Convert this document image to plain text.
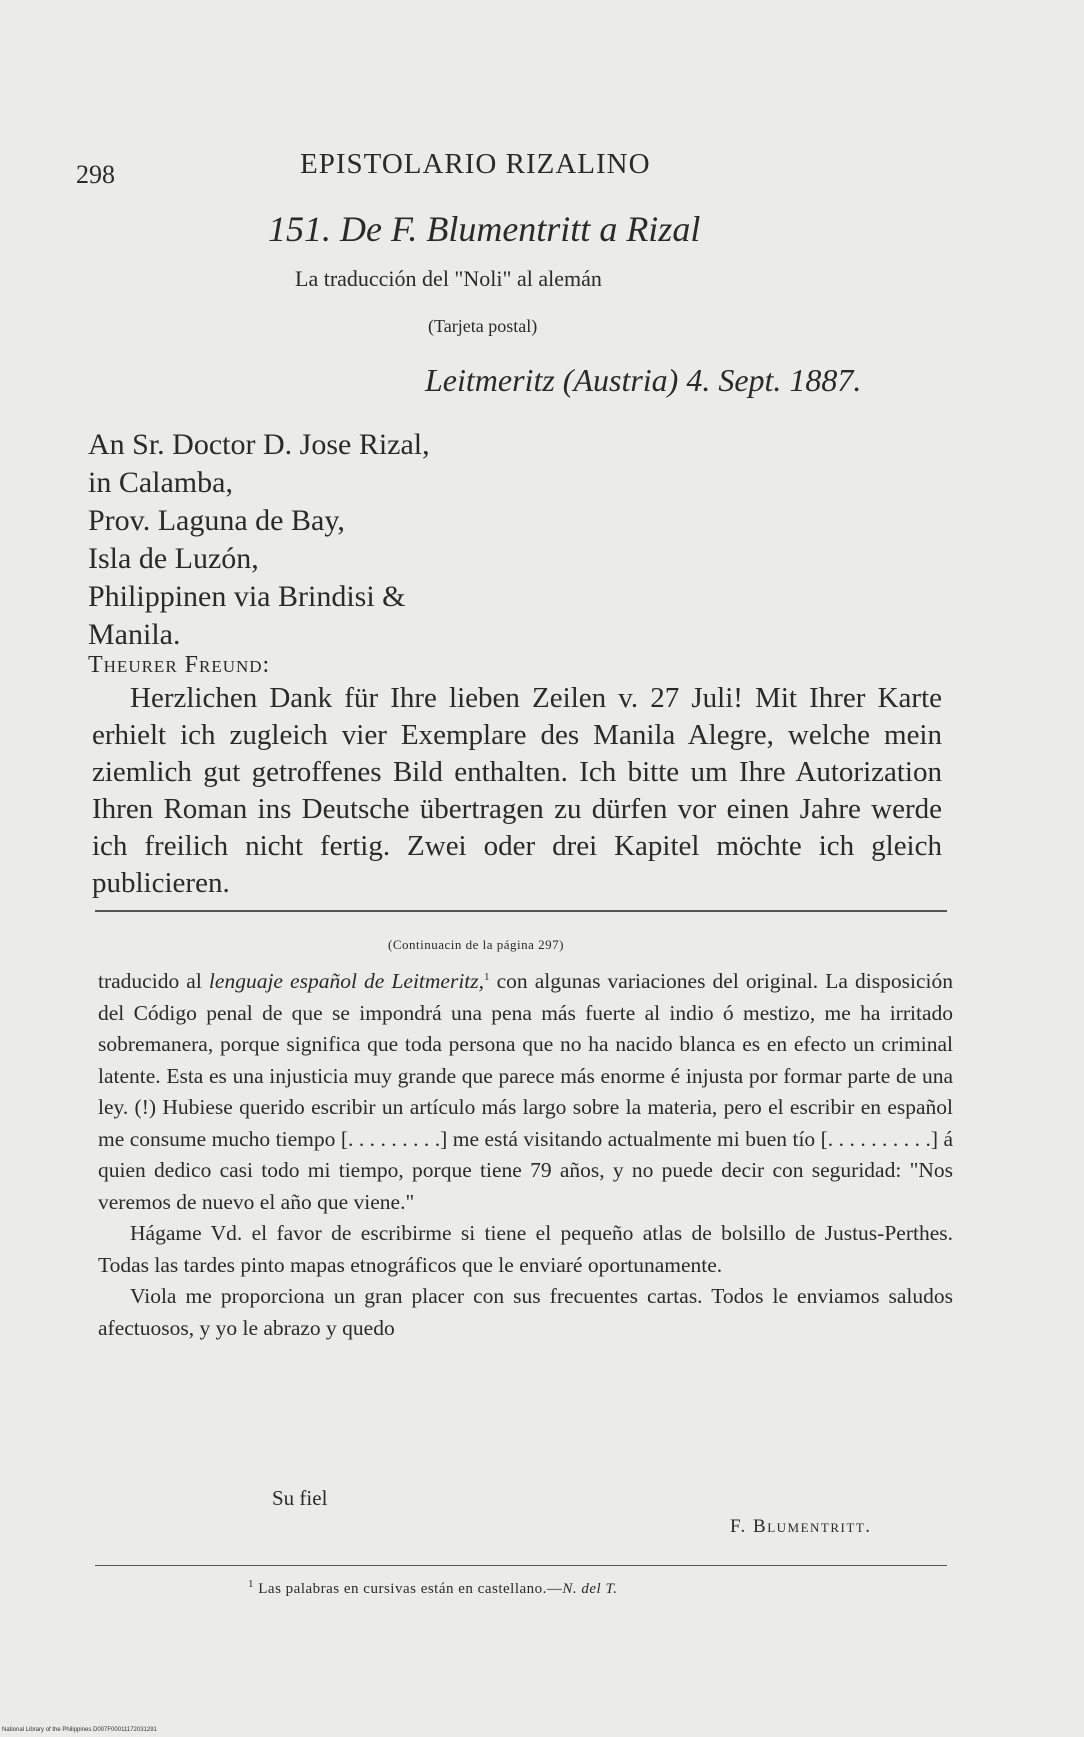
298	EPISTOLARIO RIZALINO
151. De F. Blumentritt a Rizal
La traducción del "Noli" al alemán
(Tarjeta postal)
Leitmeritz (Austria) 4. Sept. 1887.
An Sr. Doctor D. Jose Rizal,
in Calamba,
Prov. Laguna de Bay,
Isla de Luzón,
Philippinen via Brindisi &
Manila.
Theurer Freund:
Herzlichen Dank für Ihre lieben Zeilen v. 27 Juli! Mit Ihrer Karte erhielt ich zugleich vier Exemplare des Manila Alegre, welche mein ziemlich gut getroffenes Bild enthalten. Ich bitte um Ihre Autorization Ihren Roman ins Deutsche übertragen zu dürfen vor einen Jahre werde ich freilich nicht fertig. Zwei oder drei Kapitel möchte ich gleich publicieren.
(Continuacin de la página 297)

traducido al lenguaje español de Leitmeritz,$^1$ con algunas variaciones del original. La disposición del Código penal de que se impondrá una pena más fuerte al indio ó mestizo, me ha irritado sobremanera, porque significa que toda persona que no ha nacido blanca es en efecto un criminal latente. Esta es una injusticia muy grande que parece más enorme é injusta por formar parte de una ley. (!) Hubiese querido escribir un artículo más largo sobre la materia, pero el escribir en español me consume mucho tiempo [. . . . . . . . .] me está visitando actualmente mi buen tío [. . . . . . . . . .] á quien dedico casi todo mi tiempo, porque tiene 79 años, y no puede decir con seguridad: "Nos veremos de nuevo el año que viene."

Hágame Vd. el favor de escribirme si tiene el pequeño atlas de bolsillo de Justus-Perthes. Todas las tardes pinto mapas etnográficos que le enviaré oportunamente.

Viola me proporciona un gran placer con sus frecuentes cartas. Todos le enviamos saludos afectuosos, y yo le abrazo y quedo

Su fiel
F. Blumentritt.
$^1$ Las palabras en cursivas están en castellano.—N. del T.
National Library of the Philippines D007F00011172031291
